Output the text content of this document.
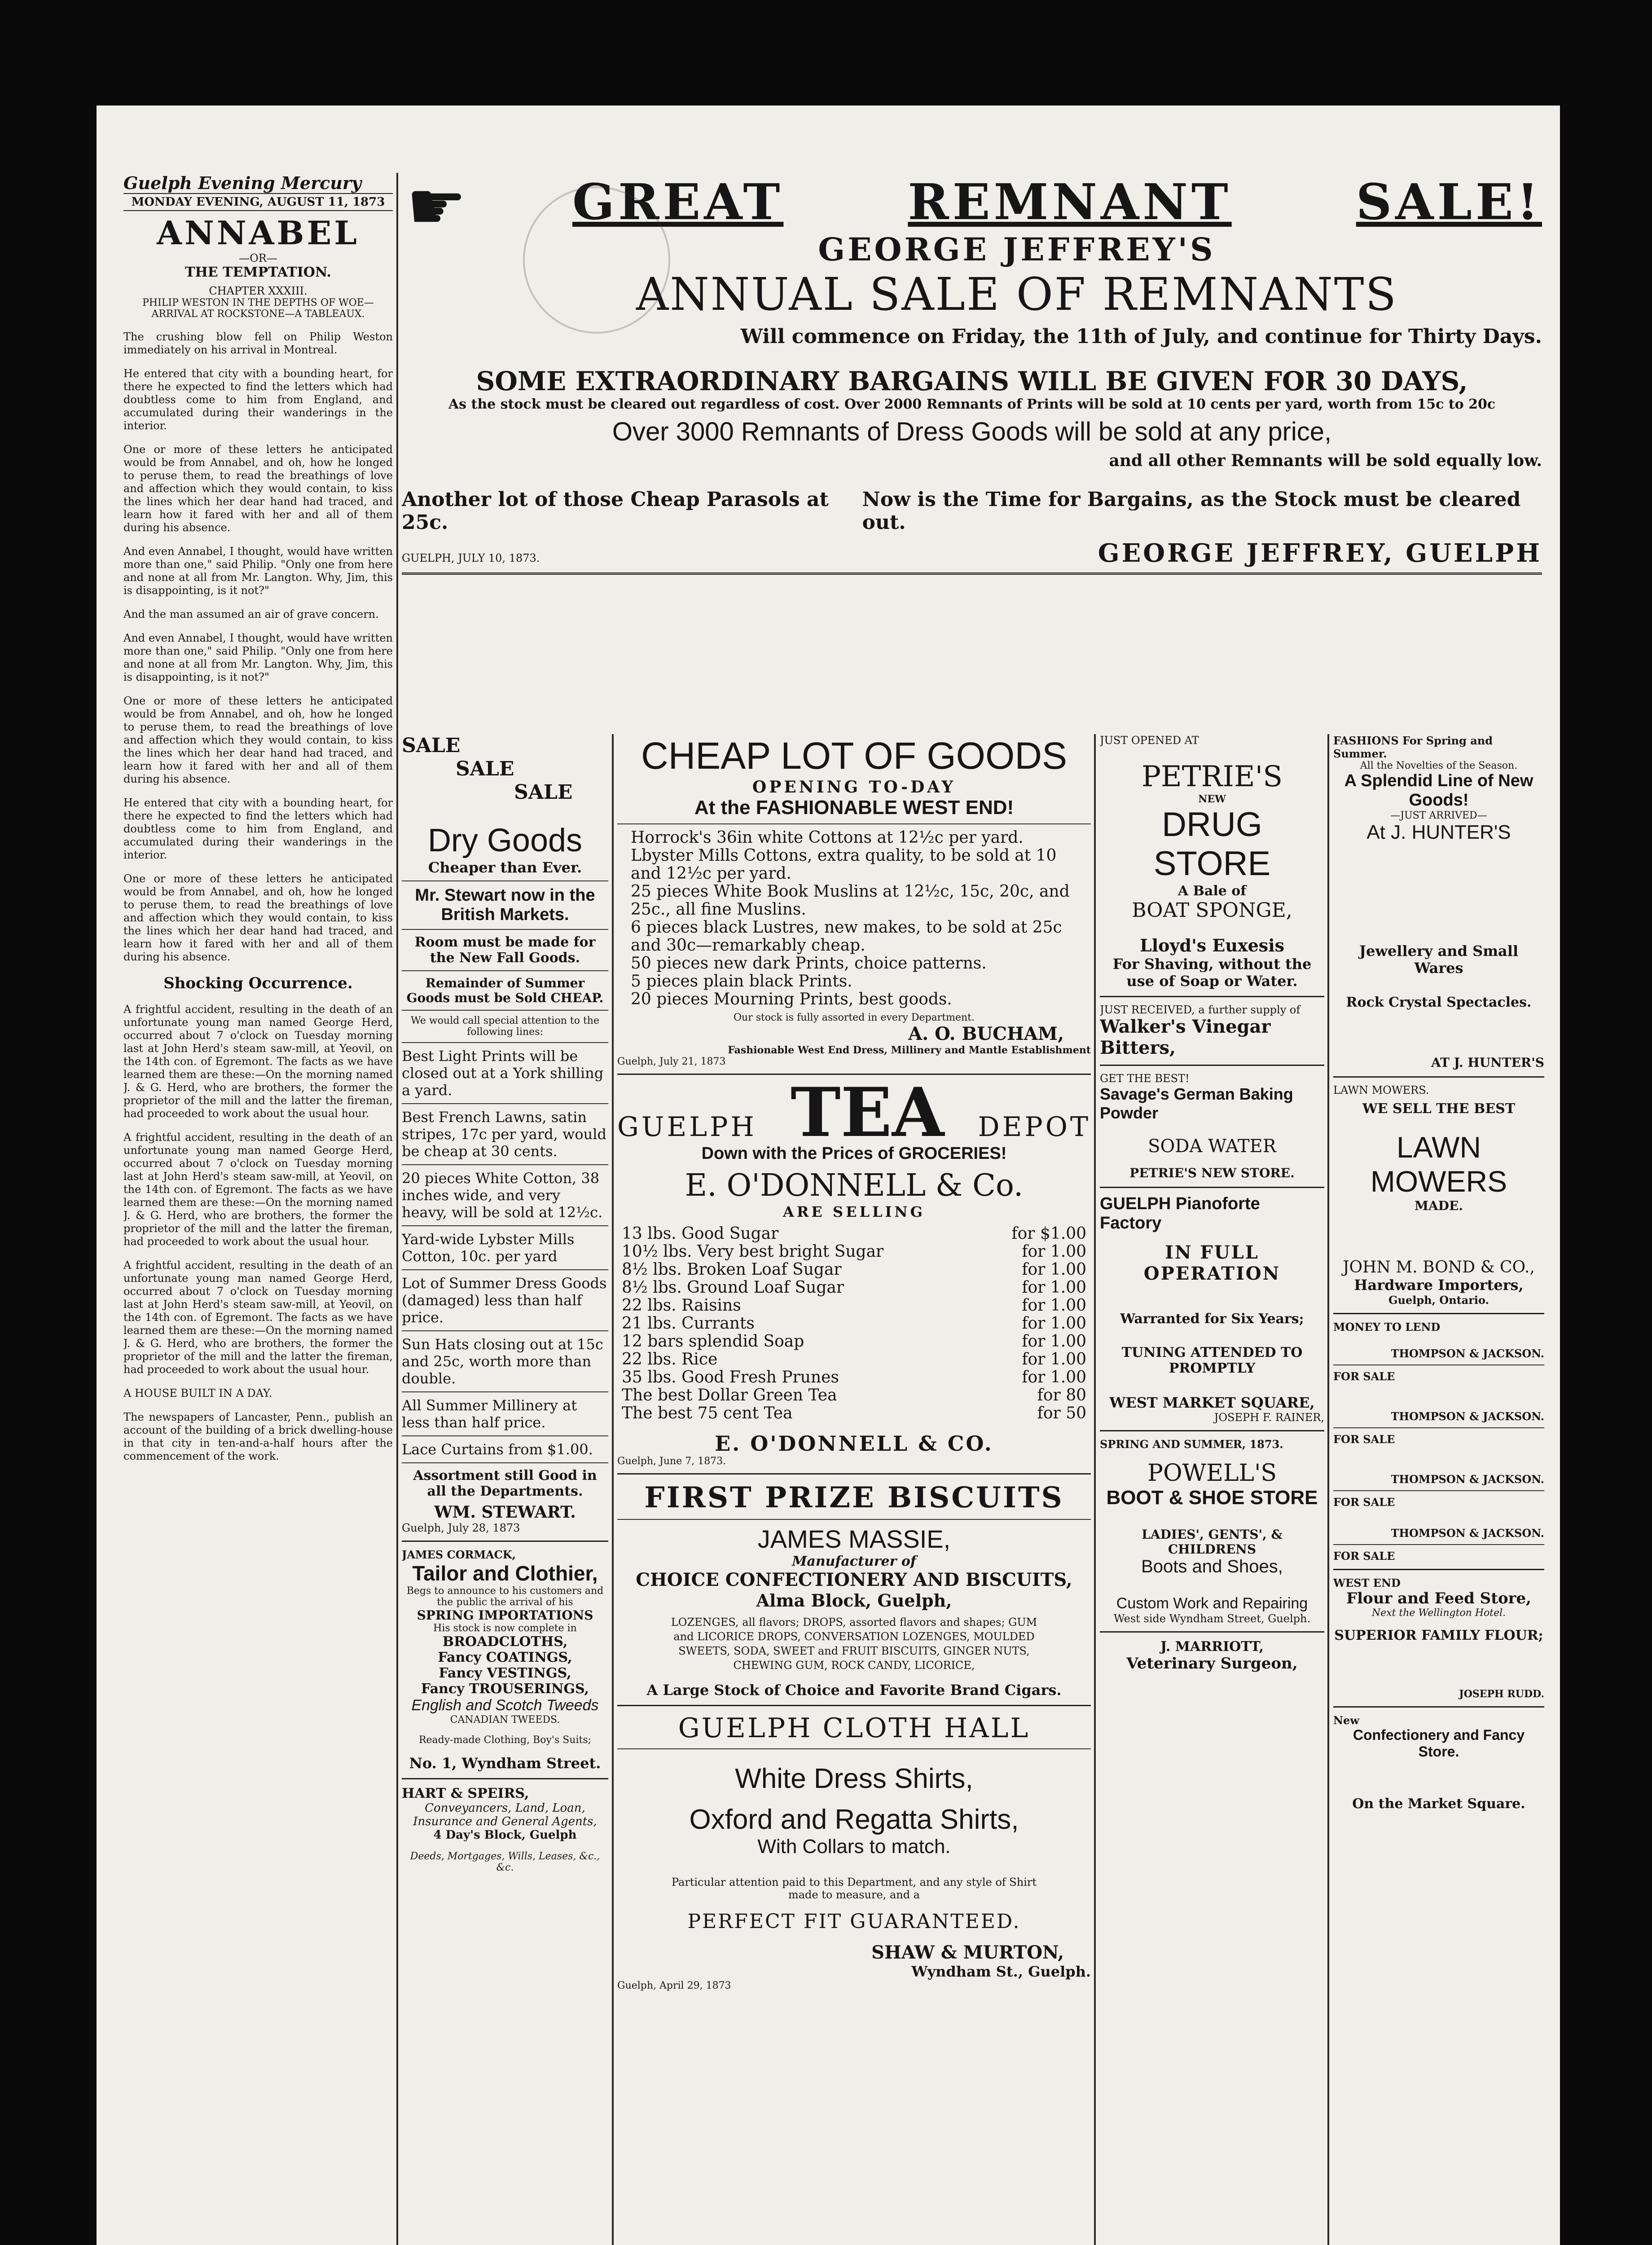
Guelph Evening Mercury
MONDAY EVENING, AUGUST 11, 1873
ANNABEL
—OR—
THE TEMPTATION.
CHAPTER XXXIII.
PHILIP WESTON IN THE DEPTHS OF WOE—ARRIVAL AT ROCKSTONE—A TABLEAUX.

The crushing blow fell on Philip Weston immediately on his arrival in Montreal.

He entered that city with a bounding heart, for there he expected to find the letters which had doubtless come to him from England, and accumulated during their wanderings in the interior.

One or more of these letters he anticipated would be from Annabel, and oh, how he longed to peruse them, to read the breathings of love and affection which they would contain, to kiss the lines which her dear hand had traced, and learn how it fared with her and all of them during his absence.

And even Annabel, I thought, would have written more than one," said Philip. "Only one from here and none at all from Mr. Langton. Why, Jim, this is disappointing, is it not?"

And the man assumed an air of grave concern.

And even Annabel, I thought, would have written more than one," said Philip. "Only one from here and none at all from Mr. Langton. Why, Jim, this is disappointing, is it not?"

One or more of these letters he anticipated would be from Annabel, and oh, how he longed to peruse them, to read the breathings of love and affection which they would contain, to kiss the lines which her dear hand had traced, and learn how it fared with her and all of them during his absence.

He entered that city with a bounding heart, for there he expected to find the letters which had doubtless come to him from England, and accumulated during their wanderings in the interior.

One or more of these letters he anticipated would be from Annabel, and oh, how he longed to peruse them, to read the breathings of love and affection which they would contain, to kiss the lines which her dear hand had traced, and learn how it fared with her and all of them during his absence.

Shocking Occurrence.

A frightful accident, resulting in the death of an unfortunate young man named George Herd, occurred about 7 o'clock on Tuesday morning last at John Herd's steam saw-mill, at Yeovil, on the 14th con. of Egremont. The facts as we have learned them are these:—On the morning named J. & G. Herd, who are brothers, the former the proprietor of the mill and the latter the fireman, had proceeded to work about the usual hour.

A frightful accident, resulting in the death of an unfortunate young man named George Herd, occurred about 7 o'clock on Tuesday morning last at John Herd's steam saw-mill, at Yeovil, on the 14th con. of Egremont. The facts as we have learned them are these:—On the morning named J. & G. Herd, who are brothers, the former the proprietor of the mill and the latter the fireman, had proceeded to work about the usual hour.

A frightful accident, resulting in the death of an unfortunate young man named George Herd, occurred about 7 o'clock on Tuesday morning last at John Herd's steam saw-mill, at Yeovil, on the 14th con. of Egremont. The facts as we have learned them are these:—On the morning named J. & G. Herd, who are brothers, the former the proprietor of the mill and the latter the fireman, had proceeded to work about the usual hour.

A HOUSE BUILT IN A DAY.

The newspapers of Lancaster, Penn., publish an account of the building of a brick dwelling-house in that city in ten-and-a-half hours after the commencement of the work.

☛ GREAT	REMNANT	SALE!
GEORGE JEFFREY'S
ANNUAL SALE OF REMNANTS
Will commence on Friday, the 11th of July, and continue for Thirty Days.
SOME EXTRAORDINARY BARGAINS WILL BE GIVEN FOR 30 DAYS,
As the stock must be cleared out regardless of cost. Over 2000 Remnants of Prints will be sold at 10 cents per yard, worth from 15c to 20c
Over 3000 Remnants of Dress Goods will be sold at any price,
and all other Remnants will be sold equally low.
Another lot of those Cheap Parasols at 25c.
Now is the Time for Bargains, as the Stock must be cleared out.
GUELPH, JULY 10, 1873.	GEORGE JEFFREY, GUELPH
SALE
SALE
SALE
Dry Goods
Cheaper than Ever.
Mr. Stewart now in the British Markets.
Room must be made for the New Fall Goods.
Remainder of Summer Goods must be Sold CHEAP.
We would call special attention to the following lines:
Best Light Prints will be closed out at a York shilling a yard.
Best French Lawns, satin stripes, 17c per yard, would be cheap at 30 cents.
20 pieces White Cotton, 38 inches wide, and very heavy, will be sold at 12½c.
Yard-wide Lybster Mills Cotton, 10c. per yard
Lot of Summer Dress Goods (damaged) less than half price.
Sun Hats closing out at 15c and 25c, worth more than double.
All Summer Millinery at less than half price.
Lace Curtains from $1.00.
Assortment still Good in all the Departments.
WM. STEWART.
Guelph, July 28, 1873
JAMES CORMACK,
Tailor and Clothier,
Begs to announce to his customers and the public the arrival of his
SPRING IMPORTATIONS
His stock is now complete in
BROADCLOTHS,
Fancy COATINGS,
Fancy VESTINGS,
Fancy TROUSERINGS,
English and Scotch Tweeds
CANADIAN TWEEDS.
Ready-made Clothing, Boy's Suits;
No. 1, Wyndham Street.
HART & SPEIRS,
Conveyancers, Land, Loan, Insurance and General Agents,
4 Day's Block, Guelph
Deeds, Mortgages, Wills, Leases, &c., &c.
CHEAP LOT OF GOODS
OPENING TO-DAY
At the FASHIONABLE WEST END!
Horrock's 36in white Cottons at 12½c per yard.
Lbyster Mills Cottons, extra quality, to be sold at 10 and 12½c per yard.
25 pieces White Book Muslins at 12½c, 15c, 20c, and 25c., all fine Muslins.
6 pieces black Lustres, new makes, to be sold at 25c and 30c—remarkably cheap.
50 pieces new dark Prints, choice patterns.
5 pieces plain black Prints.
20 pieces Mourning Prints, best goods.
Our stock is fully assorted in every Department.
A. O. BUCHAM,
Fashionable West End Dress, Millinery and Mantle Establishment
Guelph, July 21, 1873
GUELPH TEA DEPOT
Down with the Prices of GROCERIES!
E. O'DONNELL & Co.
ARE SELLING
13 lbs. Good Sugar	for $1.00
10½ lbs. Very best bright Sugar	for 1.00
8½ lbs. Broken Loaf Sugar	for 1.00
8½ lbs. Ground Loaf Sugar	for 1.00
22 lbs. Raisins	for 1.00
21 lbs. Currants	for 1.00
12 bars splendid Soap	for 1.00
22 lbs. Rice	for 1.00
35 lbs. Good Fresh Prunes	for 1.00
The best Dollar Green Tea	for 80
The best 75 cent Tea	for 50
E. O'DONNELL & CO.
Guelph, June 7, 1873.
FIRST PRIZE BISCUITS
JAMES MASSIE,
Manufacturer of
CHOICE CONFECTIONERY AND BISCUITS,
Alma Block, Guelph,
LOZENGES, all flavors; DROPS, assorted flavors and shapes; GUM and LICORICE DROPS, CONVERSATION LOZENGES, MOULDED SWEETS, SODA, SWEET and FRUIT BISCUITS, GINGER NUTS, CHEWING GUM, ROCK CANDY, LICORICE,
A Large Stock of Choice and Favorite Brand Cigars.
GUELPH CLOTH HALL
White Dress Shirts,
Oxford and Regatta Shirts,
With Collars to match.
Particular attention paid to this Department, and any style of Shirt made to measure, and a
PERFECT FIT GUARANTEED.
SHAW & MURTON,
Wyndham St., Guelph.
Guelph, April 29, 1873
JUST OPENED AT
PETRIE'S
NEW
DRUG STORE
A Bale of
BOAT SPONGE,
Lloyd's Euxesis
For Shaving, without the use of Soap or Water.
JUST RECEIVED, a further supply of
Walker's Vinegar Bitters,
GET THE BEST!
Savage's German Baking Powder
SODA WATER
PETRIE'S NEW STORE.
GUELPH Pianoforte Factory
IN FULL OPERATION
Warranted for Six Years;
TUNING ATTENDED TO PROMPTLY
WEST MARKET SQUARE,
JOSEPH F. RAINER,
SPRING AND SUMMER, 1873.
POWELL'S
BOOT & SHOE STORE
LADIES', GENTS', & CHILDRENS
Boots and Shoes,
Custom Work and Repairing
West side Wyndham Street, Guelph.
J. MARRIOTT,
Veterinary Surgeon,
FASHIONS For Spring and Summer.
All the Novelties of the Season.
A Splendid Line of New Goods!
—JUST ARRIVED—
At J. HUNTER'S
Jewellery and Small Wares
Rock Crystal Spectacles.
AT J. HUNTER'S
LAWN MOWERS.
WE SELL THE BEST
LAWN MOWERS
MADE.
JOHN M. BOND & CO.,
Hardware Importers,
Guelph, Ontario.
MONEY TO LEND
THOMPSON & JACKSON.
FOR SALE
THOMPSON & JACKSON.
FOR SALE
THOMPSON & JACKSON.
FOR SALE
THOMPSON & JACKSON.
FOR SALE
WEST END
Flour and Feed Store,
Next the Wellington Hotel.
SUPERIOR FAMILY FLOUR;
JOSEPH RUDD.
New
Confectionery and Fancy Store.
On the Market Square.
